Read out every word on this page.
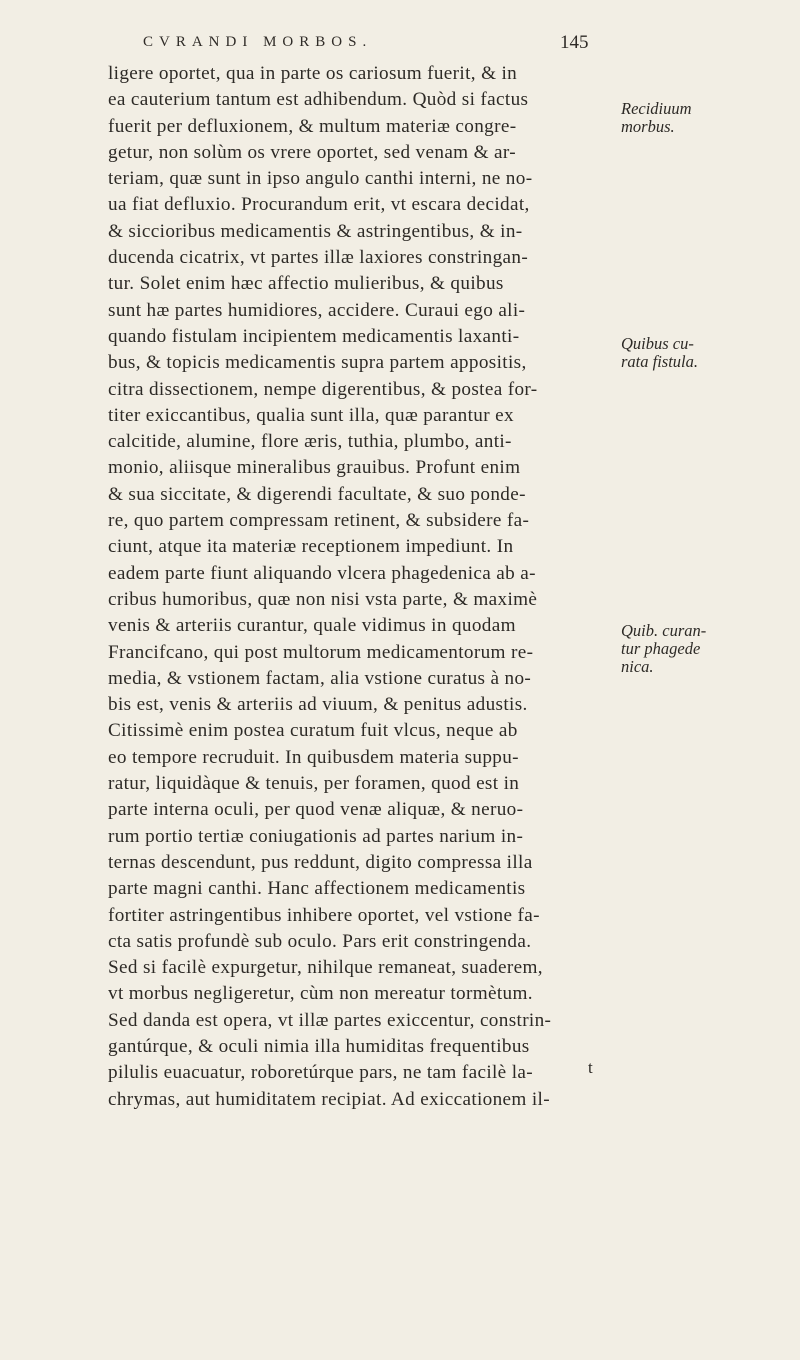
CVRANDI MORBOS.	145
ligere oportet, qua in parte os cariosum fuerit, & in
ea cauterium tantum est adhibendum. Quòd si factus
fuerit per defluxionem, & multum materiæ congre-
getur, non solùm os vrere oportet, sed venam & ar-
teriam, quæ sunt in ipso angulo canthi interni, ne no-
ua fiat defluxio. Procurandum erit, vt escara decidat,
& siccioribus medicamentis & astringentibus, & in-
ducenda cicatrix, vt partes illæ laxiores constringan-
tur. Solet enim hæc affectio mulieribus, & quibus
sunt hæ partes humidiores, accidere. Curaui ego ali-
quando fistulam incipientem medicamentis laxanti-
bus, & topicis medicamentis supra partem appositis,
citra dissectionem, nempe digerentibus, & postea for-
titer exiccantibus, qualia sunt illa, quæ parantur ex
calcitide, alumine, flore æris, tuthia, plumbo, anti-
monio, aliisque mineralibus grauibus. Profunt enim
& sua siccitate, & digerendi facultate, & suo ponde-
re, quo partem compressam retinent, & subsidere fa-
ciunt, atque ita materiæ receptionem impediunt. In
eadem parte fiunt aliquando vlcera phagedenica ab a-
cribus humoribus, quæ non nisi vsta parte, & maximè
venis & arteriis curantur, quale vidimus in quodam
Francifcano, qui post multorum medicamentorum re-
media, & vstionem factam, alia vstione curatus à no-
bis est, venis & arteriis ad viuum, & penitus adustis.
Citissimè enim postea curatum fuit vlcus, neque ab
eo tempore recruduit. In quibusdem materia suppu-
ratur, liquidàque & tenuis, per foramen, quod est in
parte interna oculi, per quod venæ aliquæ, & neruo-
rum portio tertiæ coniugationis ad partes narium in-
ternas descendunt, pus reddunt, digito compressa illa
parte magni canthi. Hanc affectionem medicamentis
fortiter astringentibus inhibere oportet, vel vstione fa-
cta satis profundè sub oculo. Pars erit constringenda.
Sed si facilè expurgetur, nihilque remaneat, suaderem,
vt morbus negligeretur, cùm non mereatur tormètum.
Sed danda est opera, vt illæ partes exiccentur, constrin-
gantúrque, & oculi nimia illa humiditas frequentibus
pilulis euacuatur, roboretúrque pars, ne tam facilè la-
chrymas, aut humiditatem recipiat. Ad exiccationem il-
Recidiuum
morbus.
Quibus cu-
rata fistula.
Quib. curan-
tur phagede
nica.
t
